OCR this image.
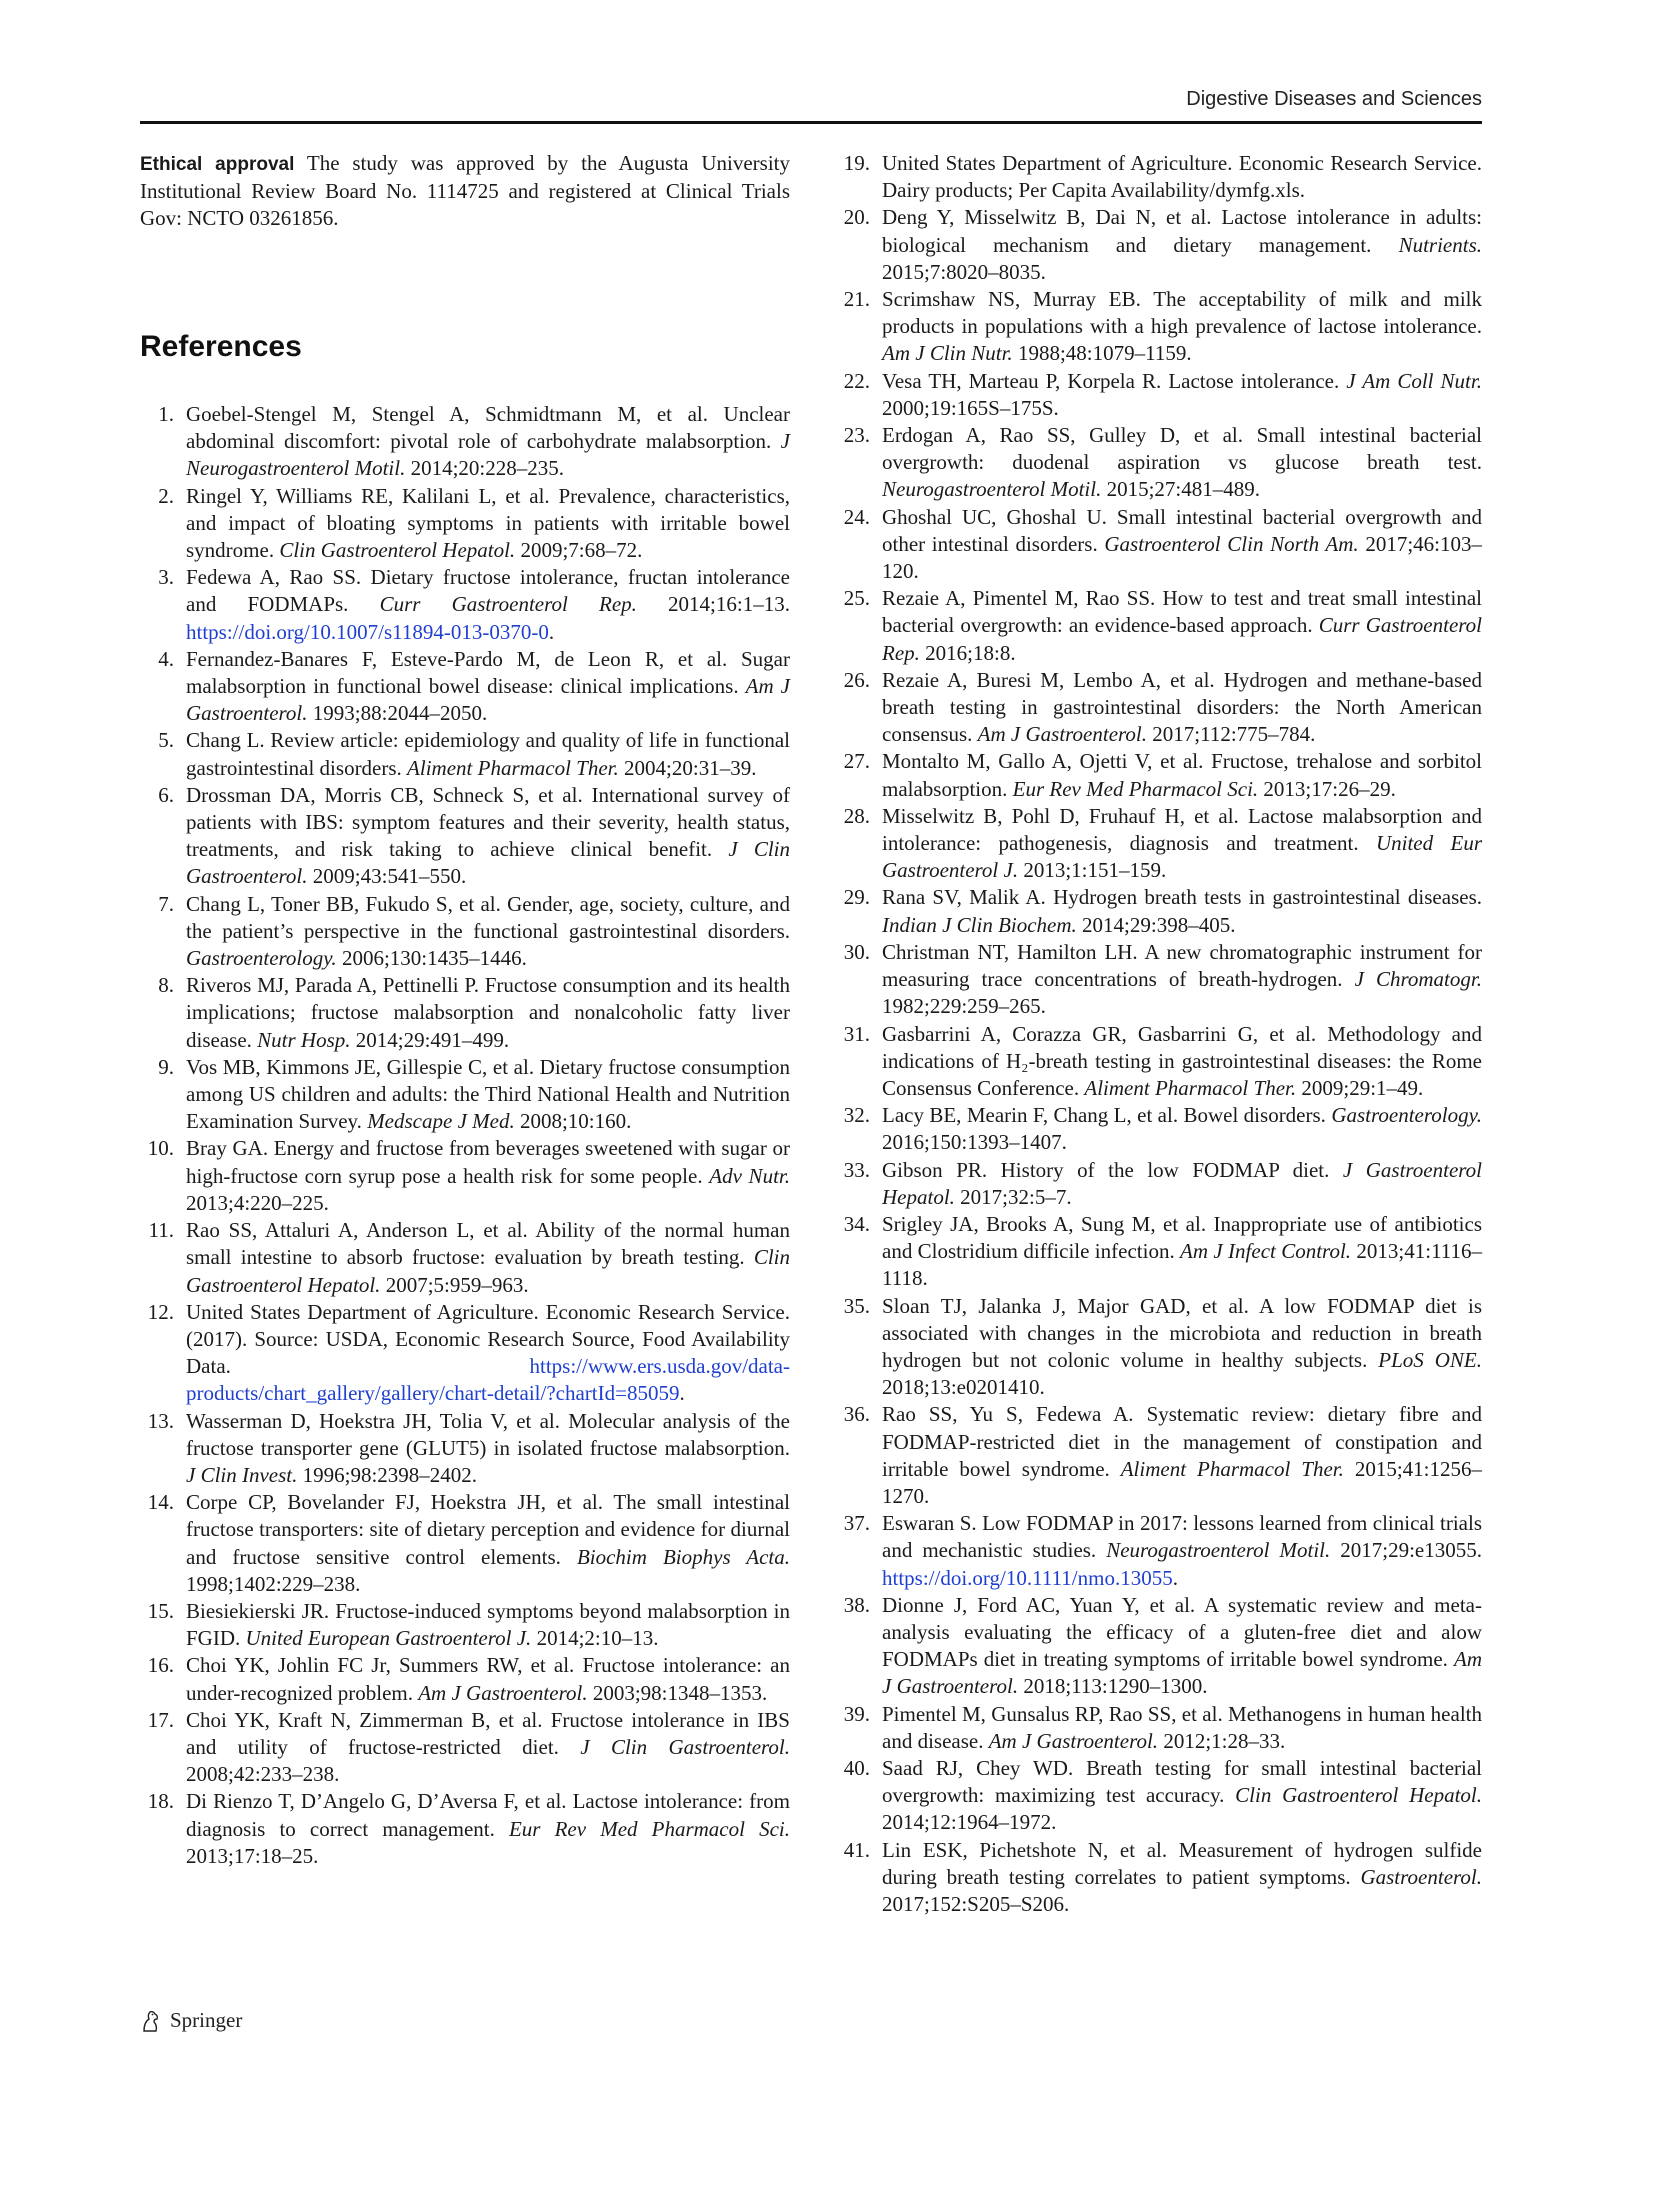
Digestive Diseases and Sciences

Ethical approval The study was approved by the Augusta University Institutional Review Board No. 1114725 and registered at Clinical Trials Gov: NCTO 03261856.

References
1. Goebel-Stengel M, Stengel A, Schmidtmann M, et al. Unclear abdominal discomfort: pivotal role of carbohydrate malabsorption. J Neurogastroenterol Motil. 2014;20:228–235.
2. Ringel Y, Williams RE, Kalilani L, et al. Prevalence, characteristics, and impact of bloating symptoms in patients with irritable bowel syndrome. Clin Gastroenterol Hepatol. 2009;7:68–72.
3. Fedewa A, Rao SS. Dietary fructose intolerance, fructan intolerance and FODMAPs. Curr Gastroenterol Rep. 2014;16:1–13. https://doi.org/10.1007/s11894-013-0370-0.
4. Fernandez-Banares F, Esteve-Pardo M, de Leon R, et al. Sugar malabsorption in functional bowel disease: clinical implications. Am J Gastroenterol. 1993;88:2044–2050.
5. Chang L. Review article: epidemiology and quality of life in functional gastrointestinal disorders. Aliment Pharmacol Ther. 2004;20:31–39.
6. Drossman DA, Morris CB, Schneck S, et al. International survey of patients with IBS: symptom features and their severity, health status, treatments, and risk taking to achieve clinical benefit. J Clin Gastroenterol. 2009;43:541–550.
7. Chang L, Toner BB, Fukudo S, et al. Gender, age, society, culture, and the patient’s perspective in the functional gastrointestinal disorders. Gastroenterology. 2006;130:1435–1446.
8. Riveros MJ, Parada A, Pettinelli P. Fructose consumption and its health implications; fructose malabsorption and nonalcoholic fatty liver disease. Nutr Hosp. 2014;29:491–499.
9. Vos MB, Kimmons JE, Gillespie C, et al. Dietary fructose consumption among US children and adults: the Third National Health and Nutrition Examination Survey. Medscape J Med. 2008;10:160.
10. Bray GA. Energy and fructose from beverages sweetened with sugar or high-fructose corn syrup pose a health risk for some people. Adv Nutr. 2013;4:220–225.
11. Rao SS, Attaluri A, Anderson L, et al. Ability of the normal human small intestine to absorb fructose: evaluation by breath testing. Clin Gastroenterol Hepatol. 2007;5:959–963.
12. United States Department of Agriculture. Economic Research Service. (2017). Source: USDA, Economic Research Source, Food Availability Data. https://www.ers.usda.gov/data-products/chart_gallery/gallery/chart-detail/?chartId=85059.
13. Wasserman D, Hoekstra JH, Tolia V, et al. Molecular analysis of the fructose transporter gene (GLUT5) in isolated fructose malabsorption. J Clin Invest. 1996;98:2398–2402.
14. Corpe CP, Bovelander FJ, Hoekstra JH, et al. The small intestinal fructose transporters: site of dietary perception and evidence for diurnal and fructose sensitive control elements. Biochim Biophys Acta. 1998;1402:229–238.
15. Biesiekierski JR. Fructose-induced symptoms beyond malabsorption in FGID. United European Gastroenterol J. 2014;2:10–13.
16. Choi YK, Johlin FC Jr, Summers RW, et al. Fructose intolerance: an under-recognized problem. Am J Gastroenterol. 2003;98:1348–1353.
17. Choi YK, Kraft N, Zimmerman B, et al. Fructose intolerance in IBS and utility of fructose-restricted diet. J Clin Gastroenterol. 2008;42:233–238.
18. Di Rienzo T, D’Angelo G, D’Aversa F, et al. Lactose intolerance: from diagnosis to correct management. Eur Rev Med Pharmacol Sci. 2013;17:18–25.
19. United States Department of Agriculture. Economic Research Service. Dairy products; Per Capita Availability/dymfg.xls.
20. Deng Y, Misselwitz B, Dai N, et al. Lactose intolerance in adults: biological mechanism and dietary management. Nutrients. 2015;7:8020–8035.
21. Scrimshaw NS, Murray EB. The acceptability of milk and milk products in populations with a high prevalence of lactose intolerance. Am J Clin Nutr. 1988;48:1079–1159.
22. Vesa TH, Marteau P, Korpela R. Lactose intolerance. J Am Coll Nutr. 2000;19:165S–175S.
23. Erdogan A, Rao SS, Gulley D, et al. Small intestinal bacterial overgrowth: duodenal aspiration vs glucose breath test. Neurogastroenterol Motil. 2015;27:481–489.
24. Ghoshal UC, Ghoshal U. Small intestinal bacterial overgrowth and other intestinal disorders. Gastroenterol Clin North Am. 2017;46:103–120.
25. Rezaie A, Pimentel M, Rao SS. How to test and treat small intestinal bacterial overgrowth: an evidence-based approach. Curr Gastroenterol Rep. 2016;18:8.
26. Rezaie A, Buresi M, Lembo A, et al. Hydrogen and methane-based breath testing in gastrointestinal disorders: the North American consensus. Am J Gastroenterol. 2017;112:775–784.
27. Montalto M, Gallo A, Ojetti V, et al. Fructose, trehalose and sorbitol malabsorption. Eur Rev Med Pharmacol Sci. 2013;17:26–29.
28. Misselwitz B, Pohl D, Fruhauf H, et al. Lactose malabsorption and intolerance: pathogenesis, diagnosis and treatment. United Eur Gastroenterol J. 2013;1:151–159.
29. Rana SV, Malik A. Hydrogen breath tests in gastrointestinal diseases. Indian J Clin Biochem. 2014;29:398–405.
30. Christman NT, Hamilton LH. A new chromatographic instrument for measuring trace concentrations of breath-hydrogen. J Chromatogr. 1982;229:259–265.
31. Gasbarrini A, Corazza GR, Gasbarrini G, et al. Methodology and indications of H₂-breath testing in gastrointestinal diseases: the Rome Consensus Conference. Aliment Pharmacol Ther. 2009;29:1–49.
32. Lacy BE, Mearin F, Chang L, et al. Bowel disorders. Gastroenterology. 2016;150:1393–1407.
33. Gibson PR. History of the low FODMAP diet. J Gastroenterol Hepatol. 2017;32:5–7.
34. Srigley JA, Brooks A, Sung M, et al. Inappropriate use of antibiotics and Clostridium difficile infection. Am J Infect Control. 2013;41:1116–1118.
35. Sloan TJ, Jalanka J, Major GAD, et al. A low FODMAP diet is associated with changes in the microbiota and reduction in breath hydrogen but not colonic volume in healthy subjects. PLoS ONE. 2018;13:e0201410.
36. Rao SS, Yu S, Fedewa A. Systematic review: dietary fibre and FODMAP-restricted diet in the management of constipation and irritable bowel syndrome. Aliment Pharmacol Ther. 2015;41:1256–1270.
37. Eswaran S. Low FODMAP in 2017: lessons learned from clinical trials and mechanistic studies. Neurogastroenterol Motil. 2017;29:e13055. https://doi.org/10.1111/nmo.13055.
38. Dionne J, Ford AC, Yuan Y, et al. A systematic review and meta-analysis evaluating the efficacy of a gluten-free diet and alow FODMAPs diet in treating symptoms of irritable bowel syndrome. Am J Gastroenterol. 2018;113:1290–1300.
39. Pimentel M, Gunsalus RP, Rao SS, et al. Methanogens in human health and disease. Am J Gastroenterol. 2012;1:28–33.
40. Saad RJ, Chey WD. Breath testing for small intestinal bacterial overgrowth: maximizing test accuracy. Clin Gastroenterol Hepatol. 2014;12:1964–1972.
41. Lin ESK, Pichetshote N, et al. Measurement of hydrogen sulfide during breath testing correlates to patient symptoms. Gastroenterol. 2017;152:S205–S206.
Springer
